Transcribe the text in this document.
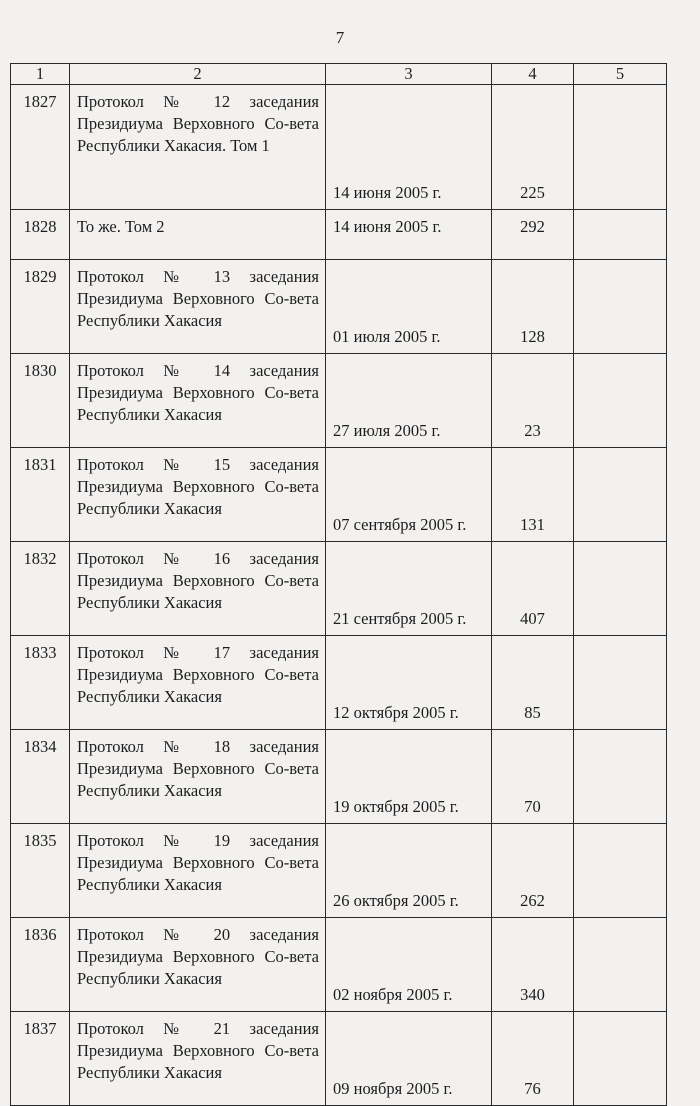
7
1	2	3	4	5
1827	Протокол № 12 заседания Президиума Верховного Со-вета Республики Хакасия. Том 1	14 июня 2005 г.	225	
1828	То же. Том 2	14 июня 2005 г.	292	
1829	Протокол № 13 заседания Президиума Верховного Со-вета Республики Хакасия	01 июля 2005 г.	128	
1830	Протокол № 14 заседания Президиума Верховного Со-вета Республики Хакасия	27 июля 2005 г.	23	
1831	Протокол № 15 заседания Президиума Верховного Со-вета Республики Хакасия	07 сентября 2005 г.	131	
1832	Протокол № 16 заседания Президиума Верховного Со-вета Республики Хакасия	21 сентября 2005 г.	407	
1833	Протокол № 17 заседания Президиума Верховного Со-вета Республики Хакасия	12 октября 2005 г.	85	
1834	Протокол № 18 заседания Президиума Верховного Со-вета Республики Хакасия	19 октября 2005 г.	70	
1835	Протокол № 19 заседания Президиума Верховного Со-вета Республики Хакасия	26 октября 2005 г.	262	
1836	Протокол № 20 заседания Президиума Верховного Со-вета Республики Хакасия	02 ноября 2005 г.	340	
1837	Протокол № 21 заседания Президиума Верховного Со-вета Республики Хакасия	09 ноября 2005 г.	76	
